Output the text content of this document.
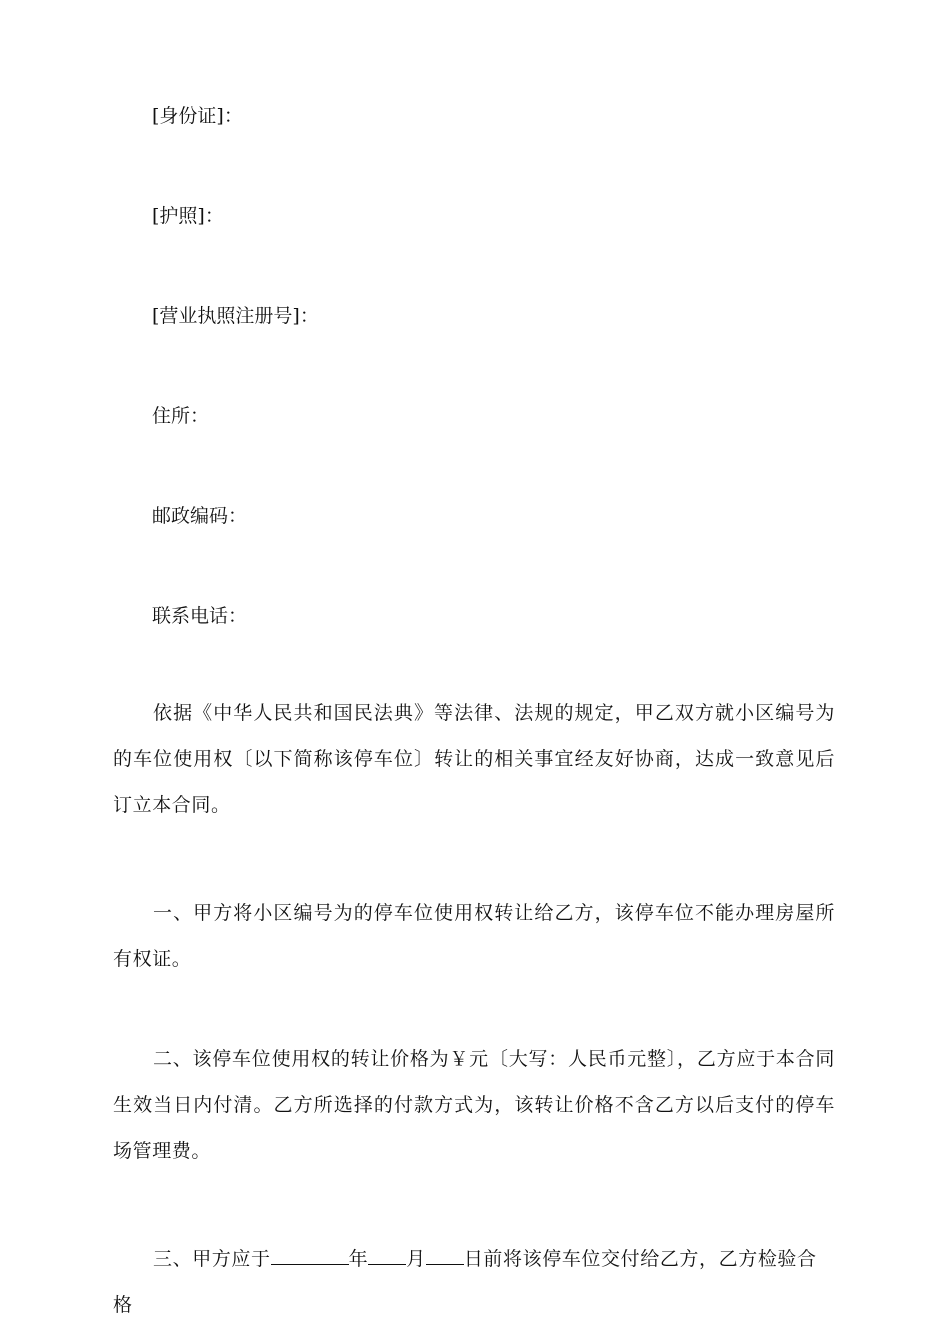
[身份证]：
[护照]：
[营业执照注册号]：
住所：
邮政编码：
联系电话：
依据《中华人民共和国民法典》等法律、法规的规定，甲乙双方就小区编号为的车位使用权〔以下简称该停车位〕转让的相关事宜经友好协商，达成一致意见后订立本合同。
一、甲方将小区编号为的停车位使用权转让给乙方，该停车位不能办理房屋所有权证。
二、该停车位使用权的转让价格为￥元〔大写：人民币元整〕，乙方应于本合同生效当日内付清。乙方所选择的付款方式为，该转让价格不含乙方以后支付的停车场管理费。
三、甲方应于	年 月 日前将该停车位交付给乙方，乙方检验合格
